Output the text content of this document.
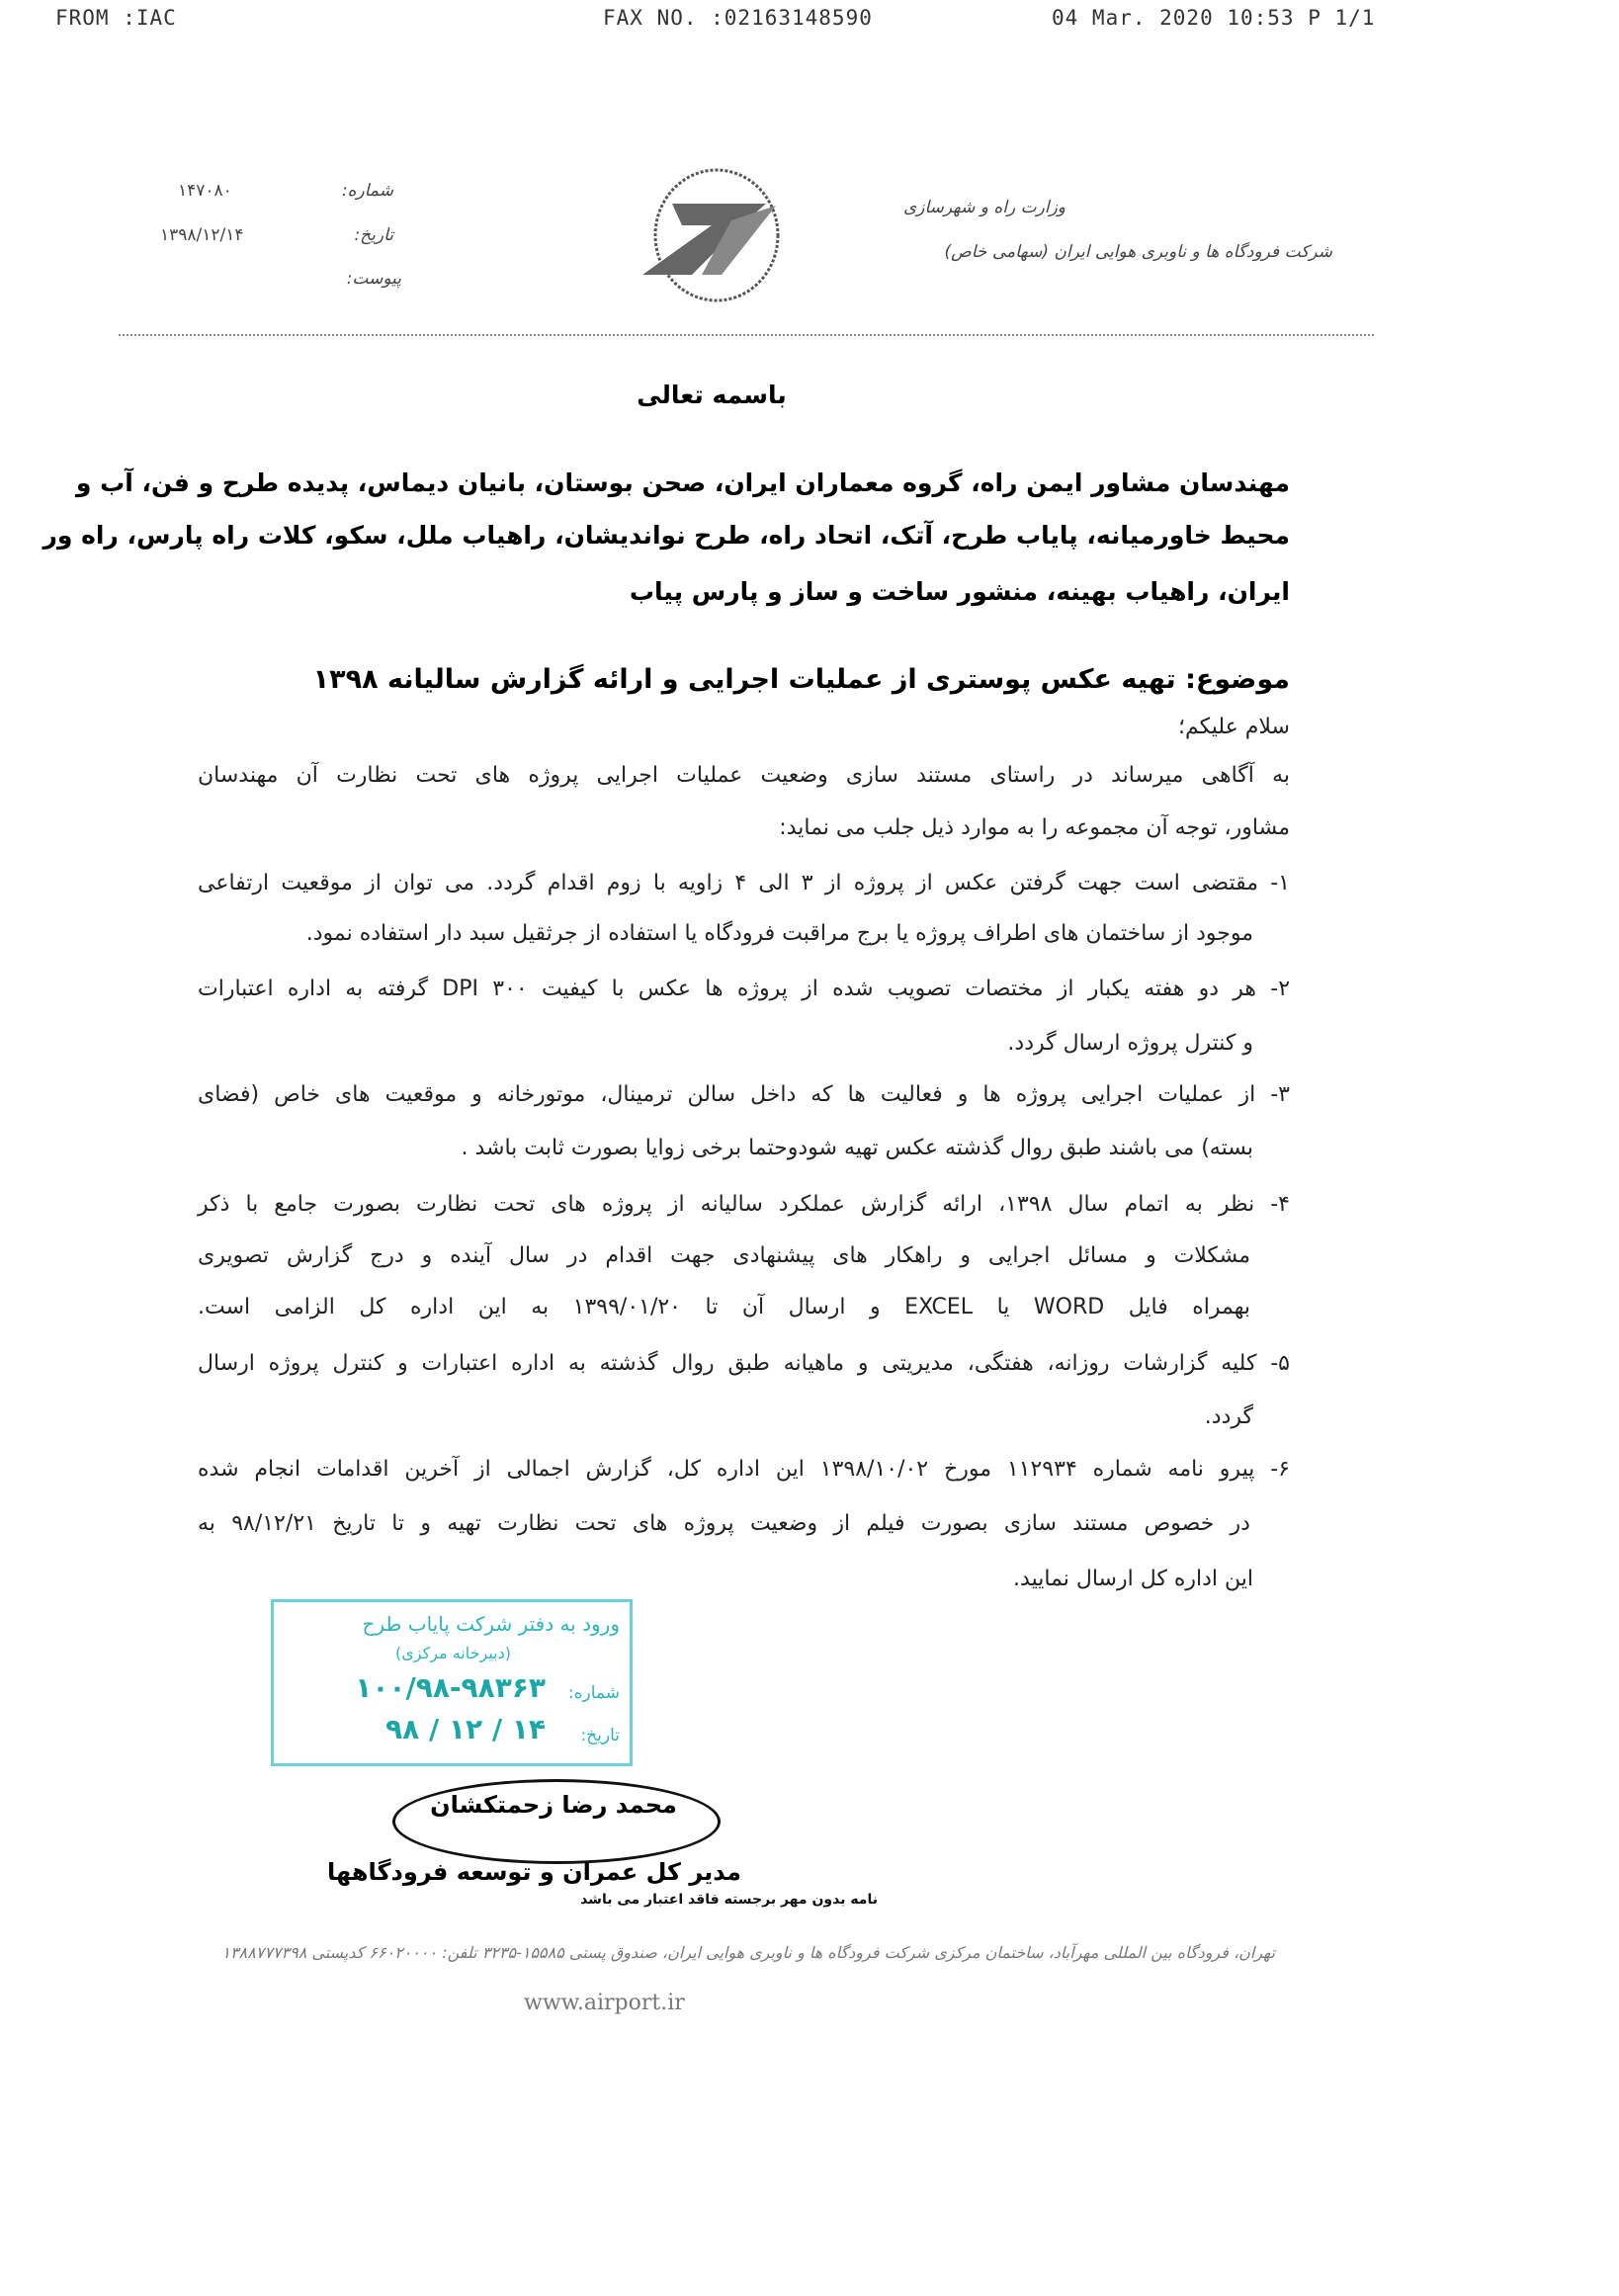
FROM :IAC	FAX NO. :02163148590	04 Mar. 2020 10:53 P 1/1
وزارت راه و شهرسازی
شرکت فرودگاه ها و ناوبری هوایی ایران (سهامی خاص)
شماره:
۱۴۷۰۸۰
تاریخ:
۱۳۹۸/۱۲/۱۴
پیوست:
باسمه تعالی
مهندسان مشاور ایمن راه، گروه معماران ایران، صحن بوستان، بانیان دیماس، پدیده طرح و فن، آب و
محیط خاورمیانه، پایاب طرح، آتک، اتحاد راه، طرح نواندیشان، راهیاب ملل، سکو، کلات راه پارس، راه ور
ایران، راهیاب بهینه، منشور ساخت و ساز و پارس پیاب
موضوع: تهیه عکس پوستری از عملیات اجرایی و ارائه گزارش سالیانه ۱۳۹۸
سلام علیکم؛
به آگاهی میرساند در راستای مستند سازی وضعیت عملیات اجرایی پروژه های تحت نظارت آن مهندسان
مشاور، توجه آن مجموعه را به موارد ذیل جلب می نماید:
۱- مقتضی است جهت گرفتن عکس از پروژه از ۳ الی ۴ زاویه با زوم اقدام گردد. می توان از موقعیت ارتفاعی
موجود از ساختمان های اطراف پروژه یا برج مراقبت فرودگاه یا استفاده از جرثقیل سبد دار استفاده نمود.
۲- هر دو هفته یکبار از مختصات تصویب شده از پروژه ها عکس با کیفیت ۳۰۰ DPI گرفته به اداره اعتبارات
و کنترل پروژه ارسال گردد.
۳- از عملیات اجرایی پروژه ها و فعالیت ها که داخل سالن ترمینال، موتورخانه و موقعیت های خاص (فضای
بسته) می باشند طبق روال گذشته عکس تهیه شودوحتما برخی زوایا بصورت ثابت باشد .
۴- نظر به اتمام سال ۱۳۹۸، ارائه گزارش عملکرد سالیانه از پروژه های تحت نظارت بصورت جامع با ذکر
مشکلات و مسائل اجرایی و راهکار های پیشنهادی جهت اقدام در سال آینده و درج گزارش تصویری
بهمراه فایل WORD یا EXCEL و ارسال آن تا ۱۳۹۹/۰۱/۲۰ به این اداره کل الزامی است.
۵- کلیه گزارشات روزانه، هفتگی، مدیریتی و ماهیانه طبق روال گذشته به اداره اعتبارات و کنترل پروژه ارسال
گردد.
۶- پیرو نامه شماره ۱۱۲۹۳۴ مورخ ۱۳۹۸/۱۰/۰۲ این اداره کل، گزارش اجمالی از آخرین اقدامات انجام شده
در خصوص مستند سازی بصورت فیلم از وضعیت پروژه های تحت نظارت تهیه و تا تاریخ ۹۸/۱۲/۲۱ به
این اداره کل ارسال نمایید.
ورود به دفتر شرکت پایاب طرح
(دبیرخانه مرکزی)
شماره:
۱۰۰/۹۸-۹۸۳۶۳
تاریخ:
۹۸ / ۱۲ / ۱۴
محمد رضا زحمتکشان
مدیر کل عمران و توسعه فرودگاهها
نامه بدون مهر برجسته فاقد اعتبار می باشد
تهران، فرودگاه بین المللی مهرآباد، ساختمان مرکزی شرکت فرودگاه ها و ناوبری هوایی ایران، صندوق پستی ۱۵۵۸۵-۳۲۳۵ تلفن: ۶۶۰۲۰۰۰۰ کدپستی ۱۳۸۸۷۷۷۳۹۸
www.airport.ir
